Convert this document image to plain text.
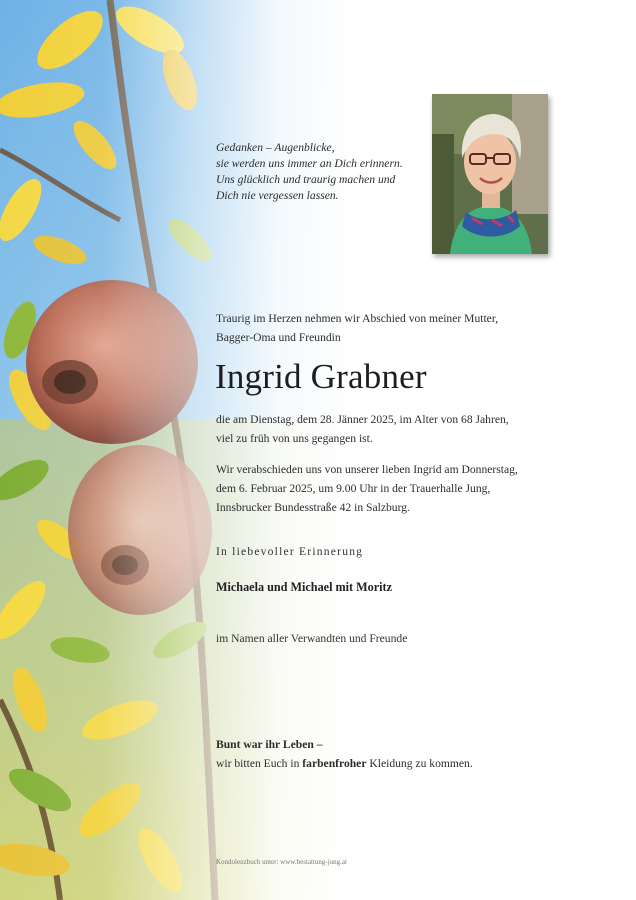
Gedanken – Augenblicke,
sie werden uns immer an Dich erinnern.
Uns glücklich und traurig machen und
Dich nie vergessen lassen.

Traurig im Herzen nehmen wir Abschied von meiner Mutter,
Bagger-Oma und Freundin
Ingrid Grabner
die am Dienstag, dem 28. Jänner 2025, im Alter von 68 Jahren,
viel zu früh von uns gegangen ist.
Wir verabschieden uns von unserer lieben Ingrid am Donnerstag,
dem 6. Februar 2025, um 9.00 Uhr in der Trauerhalle Jung,
Innsbrucker Bundesstraße 42 in Salzburg.
In liebevoller Erinnerung
Michaela und Michael mit Moritz
im Namen aller Verwandten und Freunde
Bunt war ihr Leben –
wir bitten Euch in farbenfroher Kleidung zu kommen.
Kondolenzbuch unter: www.bestattung-jung.at
